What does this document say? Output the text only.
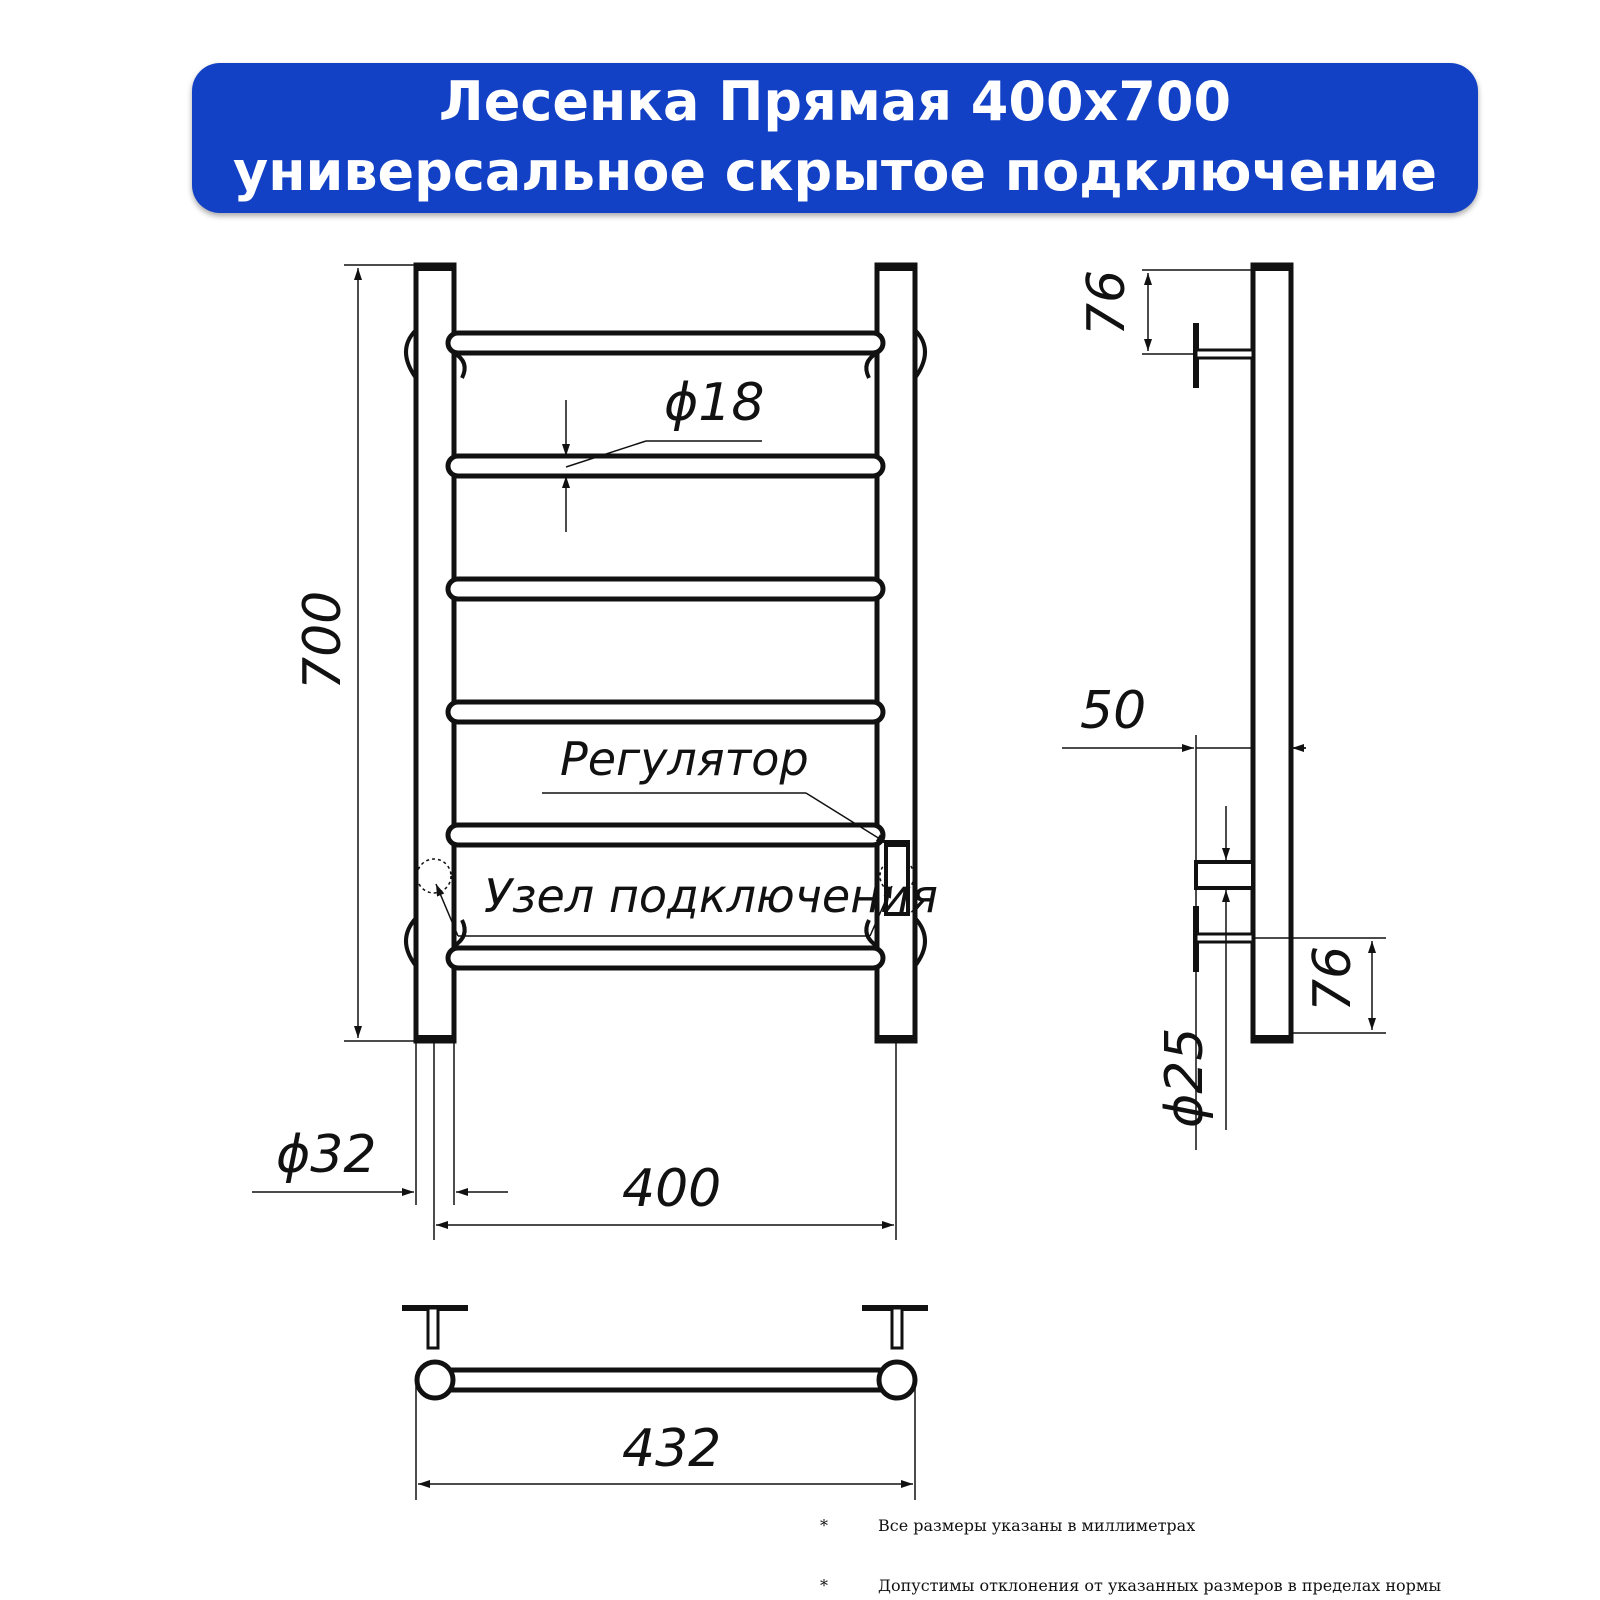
Лесенка Прямая 400х700
универсальное скрытое подключение
700
ϕ18
Регулятор
Узел подключения
ϕ32
400
76
50
76
ϕ25
432
*	Все размеры указаны в миллиметрах
*	Допустимы отклонения от указанных размеров в пределах нормы
